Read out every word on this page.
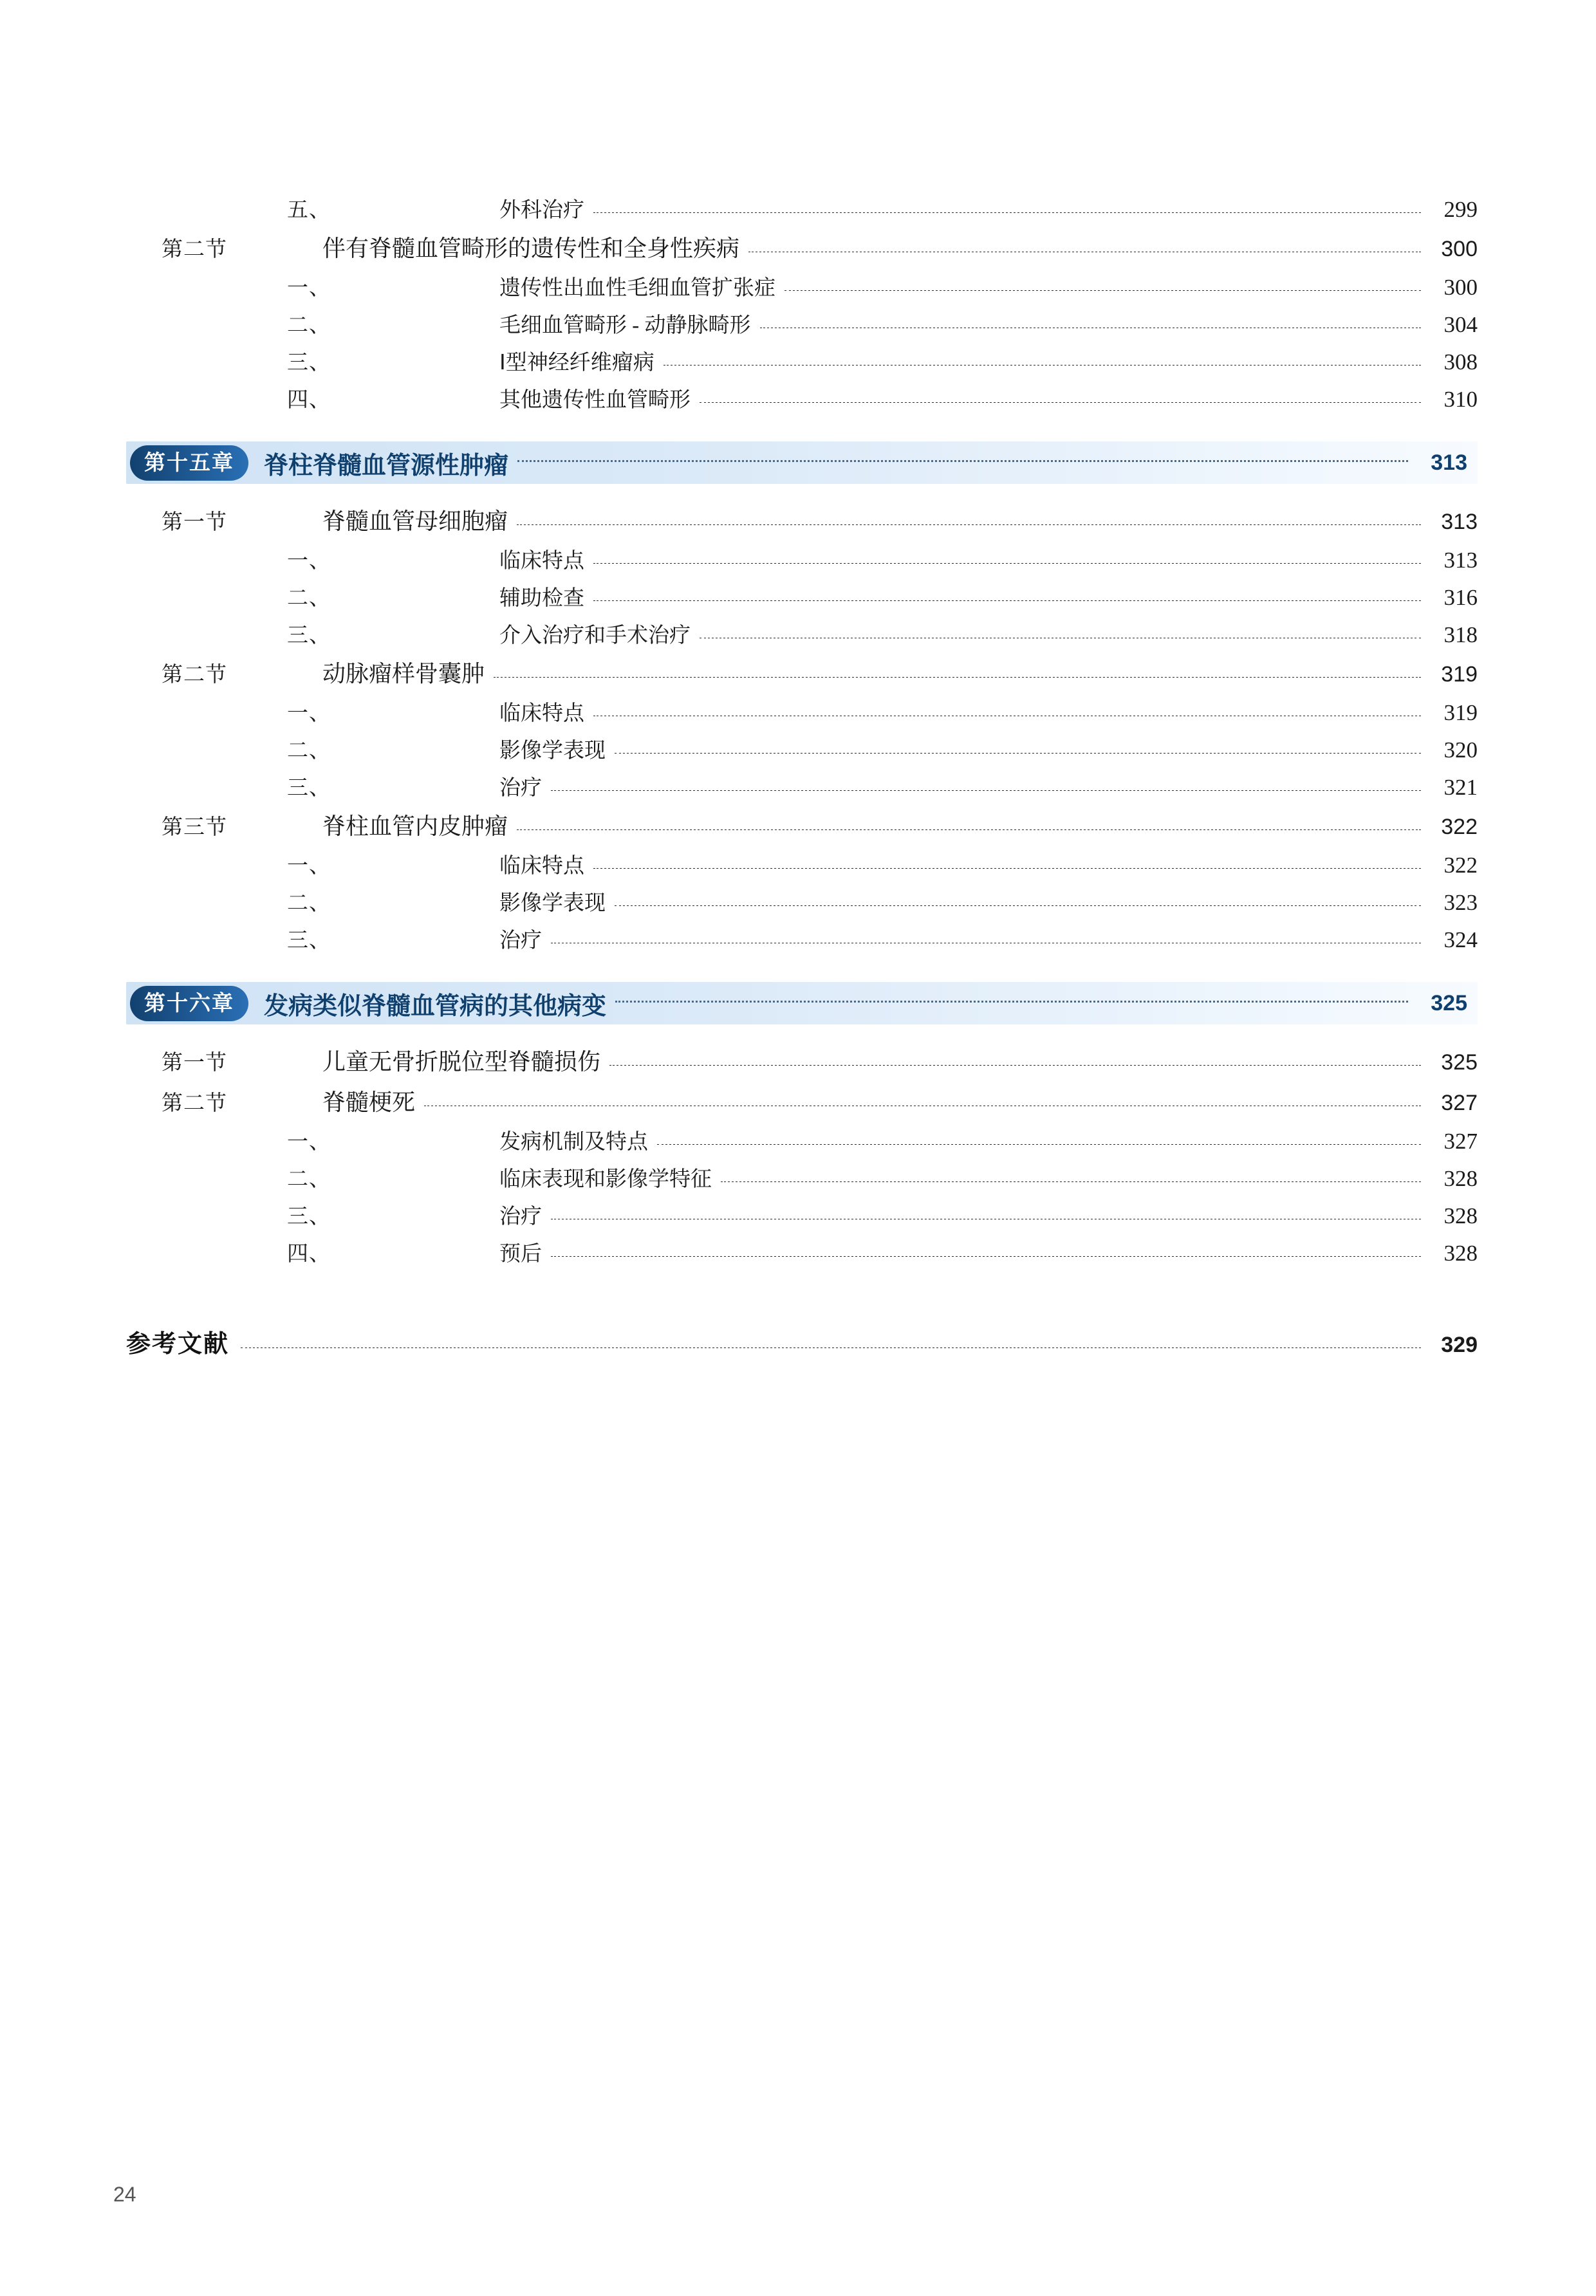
五、	外科治疗	299
第二节	伴有脊髓血管畸形的遗传性和全身性疾病	300
一、	遗传性出血性毛细血管扩张症	300
二、	毛细血管畸形 - 动静脉畸形	304
三、	Ⅰ型神经纤维瘤病	308
四、	其他遗传性血管畸形	310
第十五章	脊柱脊髓血管源性肿瘤	313
第一节	脊髓血管母细胞瘤	313
一、	临床特点	313
二、	辅助检查	316
三、	介入治疗和手术治疗	318
第二节	动脉瘤样骨囊肿	319
一、	临床特点	319
二、	影像学表现	320
三、	治疗	321
第三节	脊柱血管内皮肿瘤	322
一、	临床特点	322
二、	影像学表现	323
三、	治疗	324
第十六章	发病类似脊髓血管病的其他病变	325
第一节	儿童无骨折脱位型脊髓损伤	325
第二节	脊髓梗死	327
一、	发病机制及特点	327
二、	临床表现和影像学特征	328
三、	治疗	328
四、	预后	328
参考文献	329
24
